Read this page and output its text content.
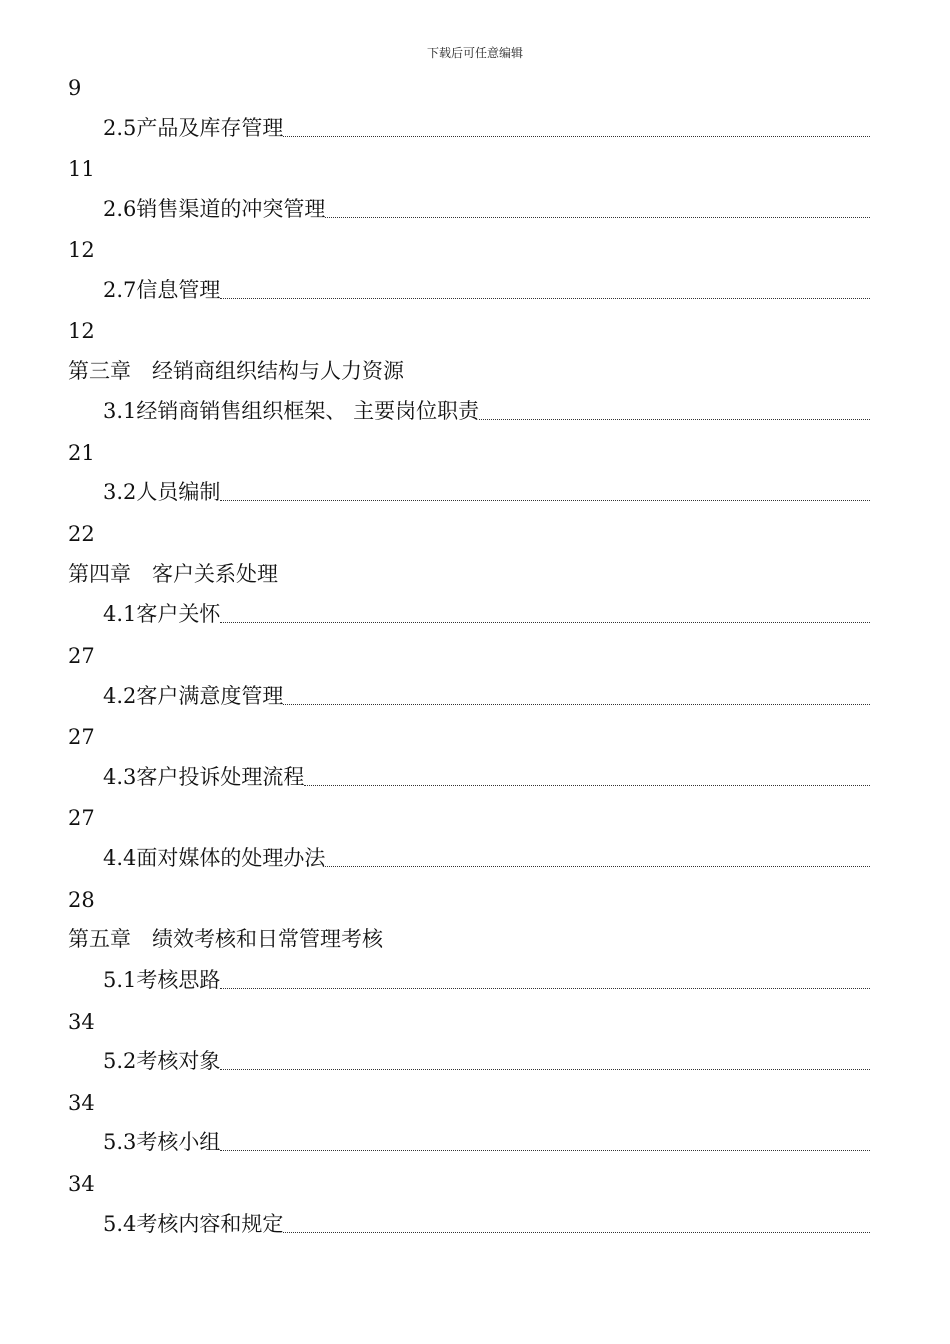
下载后可任意编辑
9
2.5产品及库存管理
11
2.6销售渠道的冲突管理
12
2.7信息管理
12
第三章　经销商组织结构与人力资源
3.1经销商销售组织框架、 主要岗位职责
21
3.2人员编制
22
第四章　客户关系处理
4.1客户关怀
27
4.2客户满意度管理
27
4.3客户投诉处理流程
27
4.4面对媒体的处理办法
28
第五章　绩效考核和日常管理考核
5.1考核思路
34
5.2考核对象
34
5.3考核小组
34
5.4考核内容和规定
